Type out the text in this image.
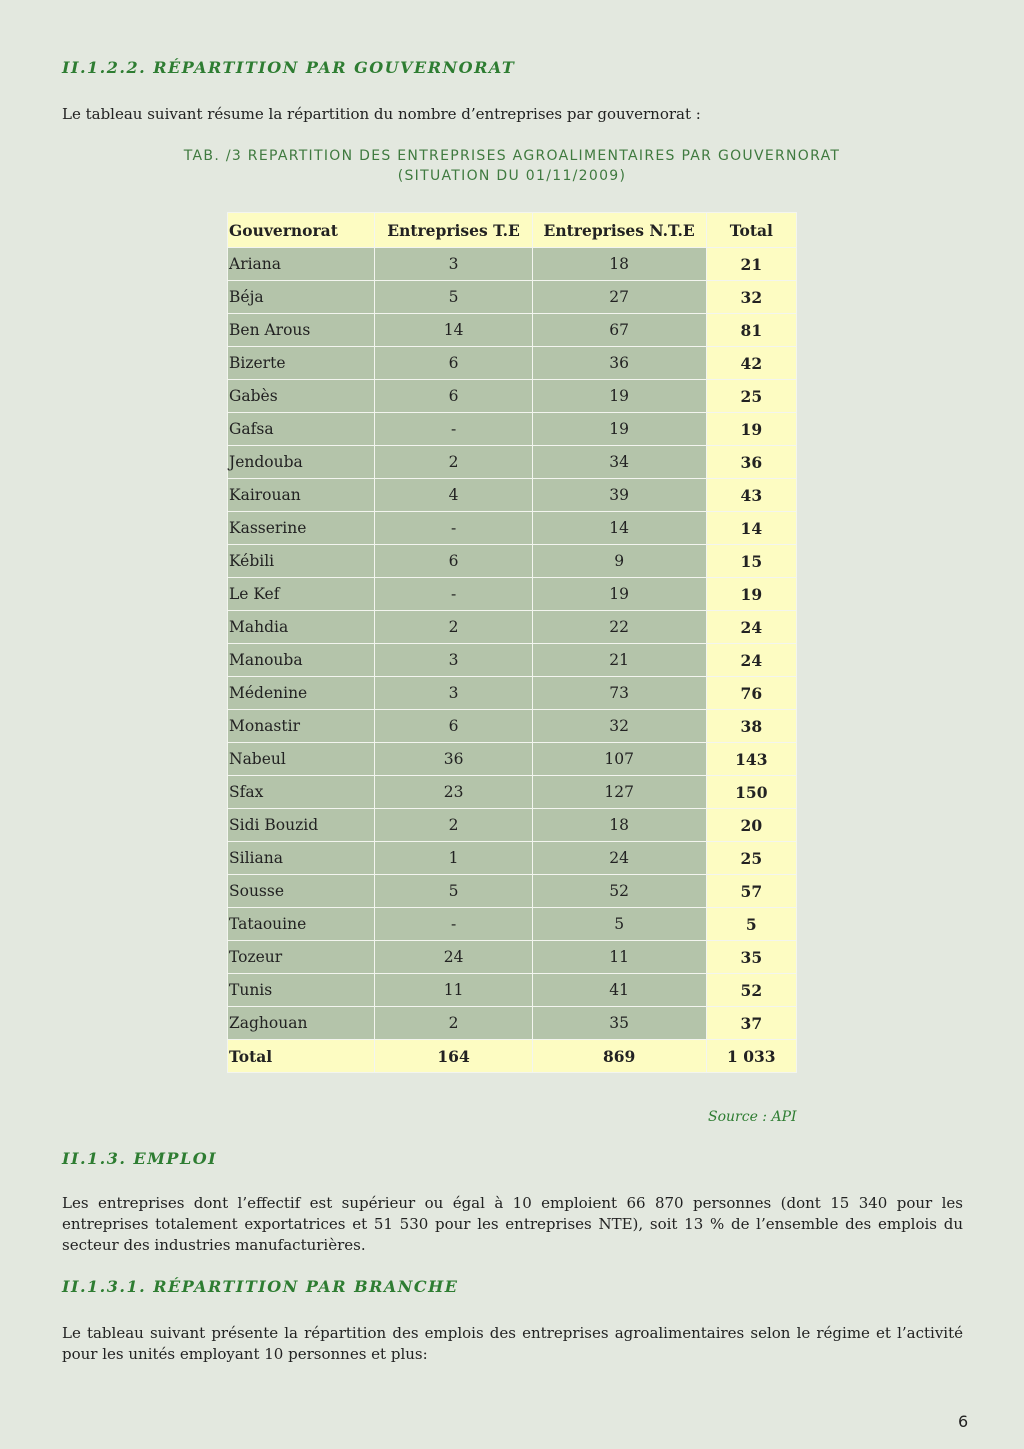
II.1.2.2. RÉPARTITION PAR GOUVERNORAT

Le tableau suivant résume la répartition du nombre d’entreprises par gouvernorat :

TAB. /3 REPARTITION DES ENTREPRISES AGROALIMENTAIRES PAR GOUVERNORAT

(SITUATION DU 01/11/2009)

Gouvernorat	Entreprises T.E	Entreprises N.T.E	Total
Ariana	3	18	21
Béja	5	27	32
Ben Arous	14	67	81
Bizerte	6	36	42
Gabès	6	19	25
Gafsa	-	19	19
Jendouba	2	34	36
Kairouan	4	39	43
Kasserine	-	14	14
Kébili	6	9	15
Le Kef	-	19	19
Mahdia	2	22	24
Manouba	3	21	24
Médenine	3	73	76
Monastir	6	32	38
Nabeul	36	107	143
Sfax	23	127	150
Sidi Bouzid	2	18	20
Siliana	1	24	25
Sousse	5	52	57
Tataouine	-	5	5
Tozeur	24	11	35
Tunis	11	41	52
Zaghouan	2	35	37
Total	164	869	1 033

Source : API

II.1.3. EMPLOI

Les entreprises dont l’effectif est supérieur ou égal à 10 emploient 66 870 personnes (dont 15 340 pour les entreprises totalement exportatrices et 51 530 pour les entreprises NTE), soit 13 % de l’ensemble des emplois du secteur des industries manufacturières.

II.1.3.1. RÉPARTITION PAR BRANCHE

Le tableau suivant présente la répartition des emplois des entreprises agroalimentaires selon le régime et l’activité pour les unités employant 10 personnes et plus:

6
